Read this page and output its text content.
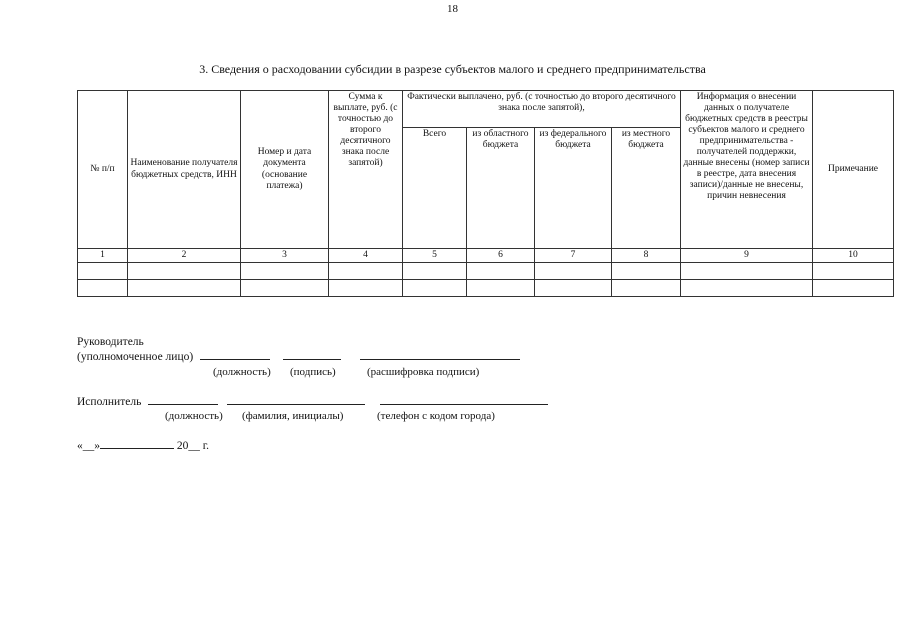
18
3. Сведения о расходовании субсидии в разрезе субъектов малого и среднего предпринимательства
№ п/п	Наименование получателя бюджетных средств, ИНН	Номер и дата документа (основание платежа)	Сумма к выплате, руб. (с точностью до второго десятичного знака после запятой)	Фактически выплачено, руб. (с точностью до второго десятичного знака после запятой),				Информация о внесении данных о получателе бюджетных средств в реестры субъектов малого и среднего предпринимательства - получателей поддержки, данные внесены (номер записи в реестре, дата внесения записи)/данные не внесены, причин невнесения	Примечание
				Всего	из областного бюджета	из федерального бюджета	из местного бюджета		
1	2	3	4	5	6	7	8	9	10

Руководитель
(уполномоченное лицо)
(должность) (подпись)	(расшифровка подписи)
Исполнитель
(должность) (фамилия, инициалы)	(телефон с кодом города)
«__»	20__ г.
